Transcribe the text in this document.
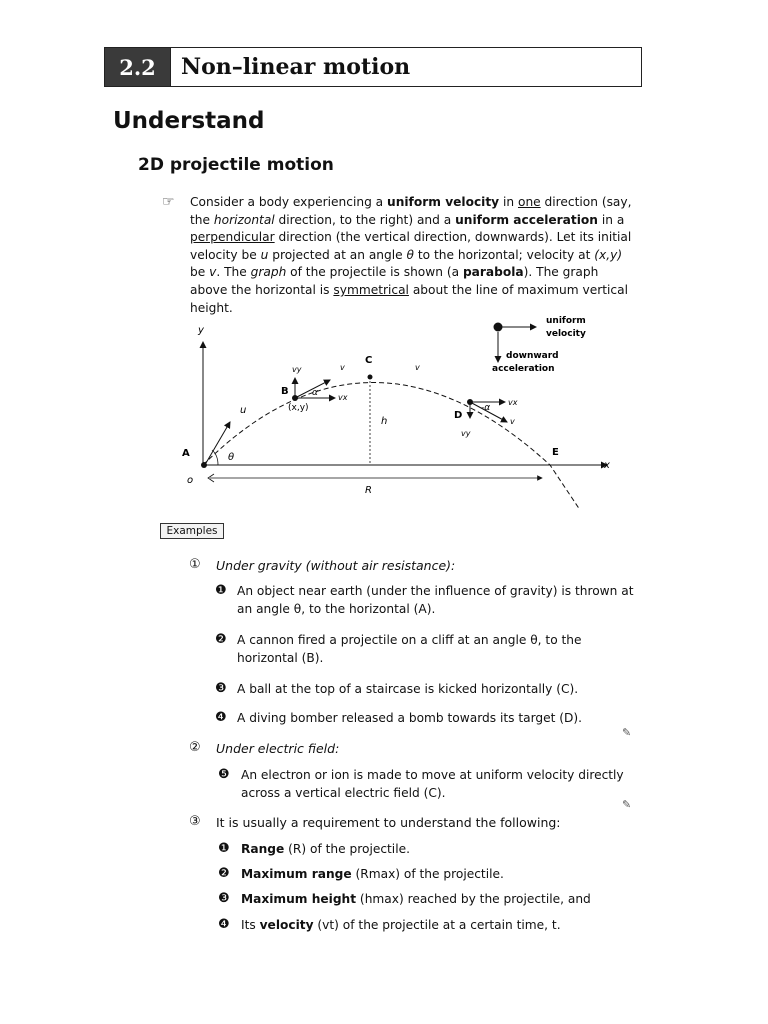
2.2	Non–linear motion
Understand
2D projectile motion
☞ Consider a body experiencing a uniform velocity in one direction (say, the horizontal direction, to the right) and a uniform acceleration in a perpendicular direction (the vertical direction, downwards). Let its initial velocity be u projected at an angle θ to the horizontal; velocity at (x,y) be v. The graph of the projectile is shown (a parabola). The graph above the horizontal is symmetrical about the line of maximum vertical height.

y
x
o
u
θ
A
B
(x,y)
vy
vx
v
α
C
h
v
D
vx
v
vy
-α
E
R
uniform
velocity
downward
acceleration
Examples
① Under gravity (without air resistance):
❶ An object near earth (under the influence of gravity) is thrown at an angle θ, to the horizontal (A).
❷ A cannon fired a projectile on a cliff at an angle θ, to the horizontal (B).
❸ A ball at the top of a staircase is kicked horizontally (C).
❹ A diving bomber released a bomb towards its target (D).
✎
② Under electric field:
❺ An electron or ion is made to move at uniform velocity directly across a vertical electric field (C).
✎
③ It is usually a requirement to understand the following:
❶ Range (R) of the projectile.
❷ Maximum range (Rmax) of the projectile.
❸ Maximum height (hmax) reached by the projectile, and
❹ Its velocity (vt) of the projectile at a certain time, t.
